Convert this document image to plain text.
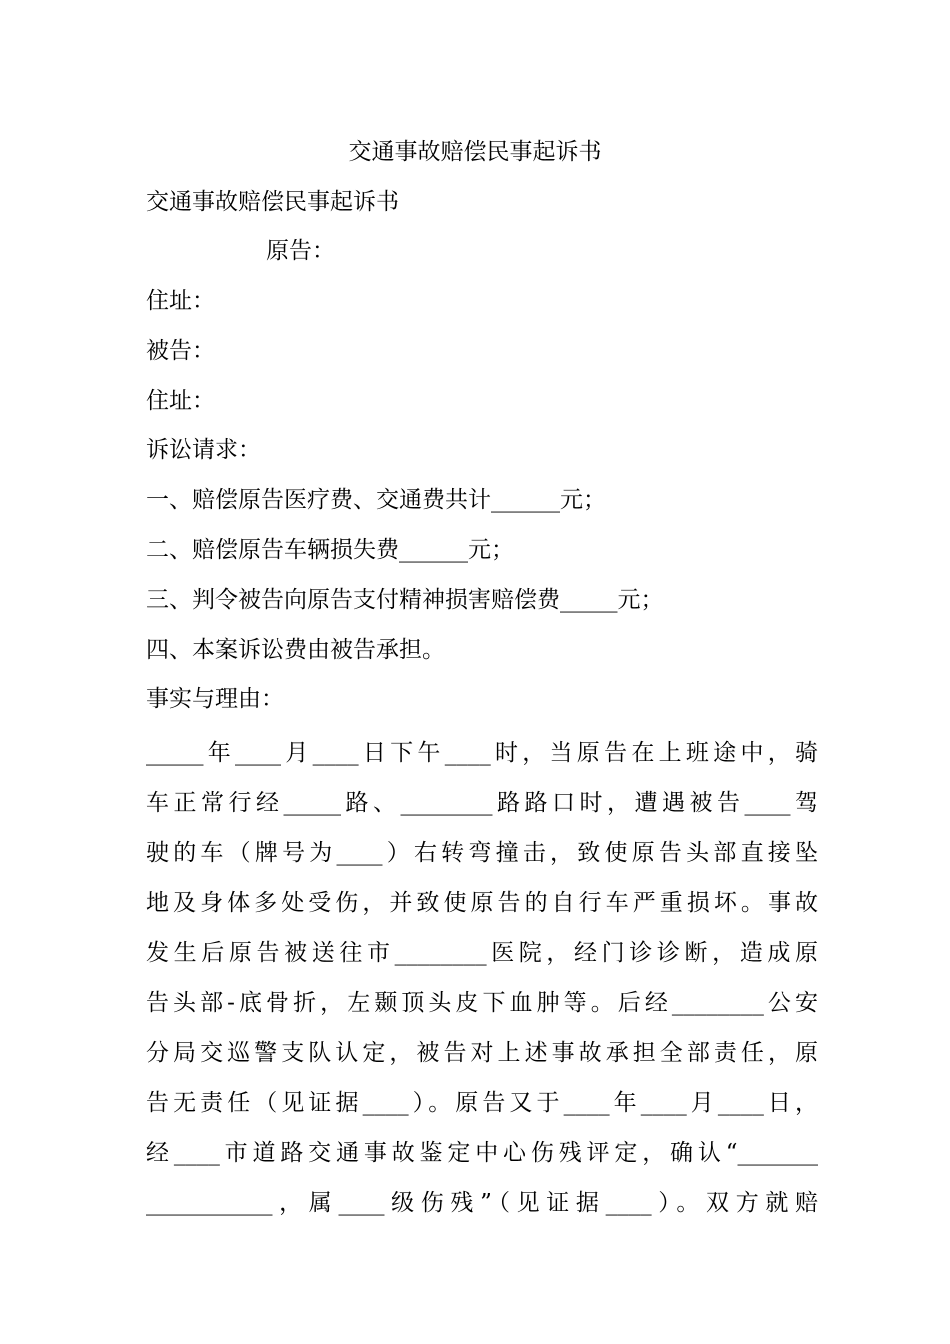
交通事故赔偿民事起诉书
交通事故赔偿民事起诉书
原告：
住址：
被告：
住址：
诉讼请求：
一、赔偿原告医疗费、交通费共计______元；
二、赔偿原告车辆损失费______元；
三、判令被告向原告支付精神损害赔偿费_____元；
四、本案诉讼费由被告承担。
事实与理由：
_____年____月____日下午____时，当原告在上班途中，骑
车正常行经_____路、________路路口时，遭遇被告____驾
驶的车（牌号为____）右转弯撞击，致使原告头部直接坠
地及身体多处受伤，并致使原告的自行车严重损坏。事故
发生后原告被送往市________医院，经门诊诊断，造成原
告头部-底骨折，左颞顶头皮下血肿等。后经________公安
分局交巡警支队认定，被告对上述事故承担全部责任，原
告无责任（见证据____）。原告又于____年____月____日，
经____市道路交通事故鉴定中心伤残评定，确认“_______
___________，属____级伤残”（见证据____）。双方就赔
